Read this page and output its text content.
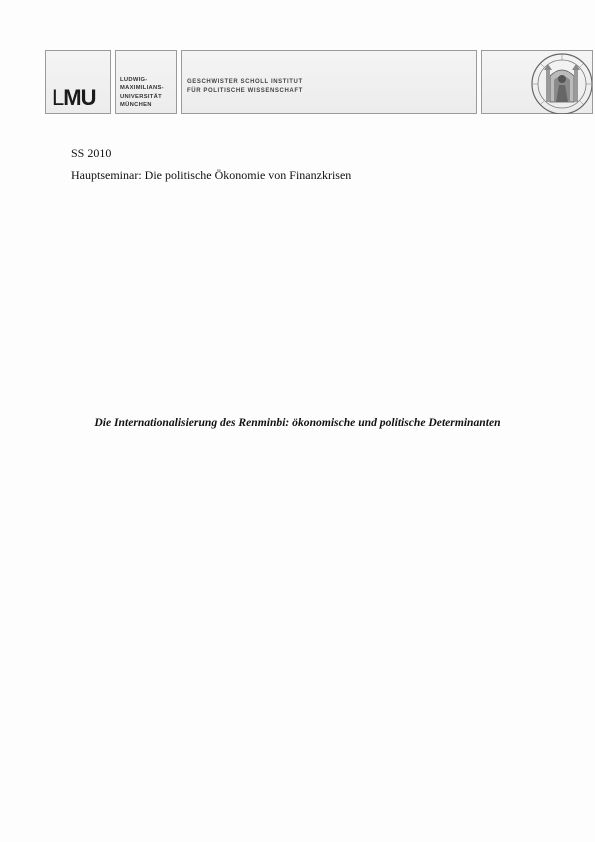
LMU
LUDWIG-
MAXIMILIANS-
UNIVERSITÄT
MÜNCHEN
GESCHWISTER SCHOLL INSTITUT
FÜR POLITISCHE WISSENSCHAFT
SS 2010
Hauptseminar: Die politische Ökonomie von Finanzkrisen
Die Internationalisierung des Renminbi: ökonomische und politische Determinanten
